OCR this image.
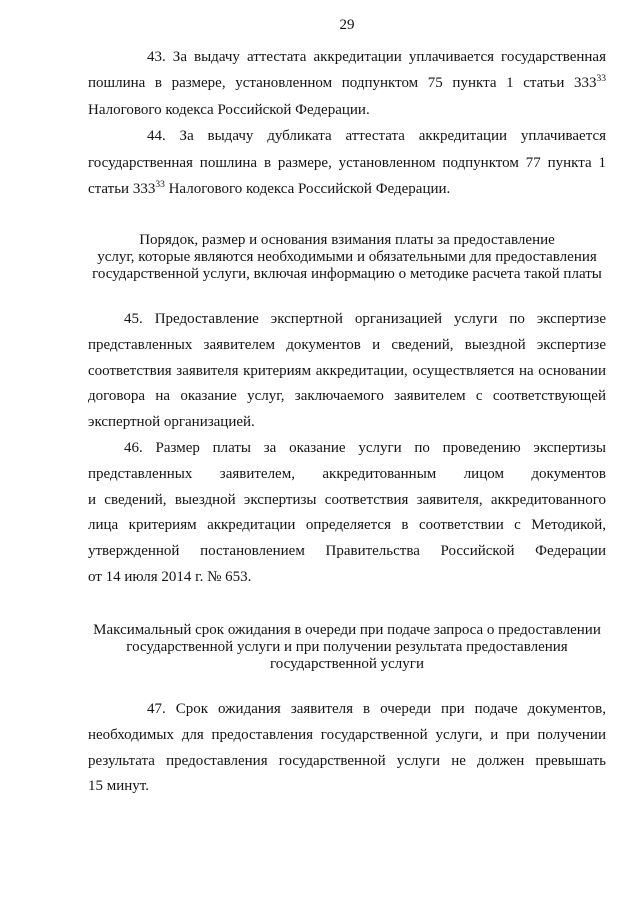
29
43. За выдачу аттестата аккредитации уплачивается государственная
пошлина в размере, установленном подпунктом 75 пункта 1 статьи $333^{33}$
Налогового кодекса Российской Федерации.
44. За выдачу дубликата аттестата аккредитации уплачивается
государственная пошлина в размере, установленном подпунктом 77 пункта 1
статьи $333^{33}$ Налогового кодекса Российской Федерации.
Порядок, размер и основания взимания платы за предоставление
услуг, которые являются необходимыми и обязательными для предоставления
государственной услуги, включая информацию о методике расчета такой платы
45. Предоставление экспертной организацией услуги по экспертизе
представленных заявителем документов и сведений, выездной экспертизе
соответствия заявителя критериям аккредитации, осуществляется на основании
договора на оказание услуг, заключаемого заявителем с соответствующей
экспертной организацией.
46. Размер платы за оказание услуги по проведению экспертизы
представленных заявителем, аккредитованным лицом документов
и сведений, выездной экспертизы соответствия заявителя, аккредитованного
лица критериям аккредитации определяется в соответствии с Методикой,
утвержденной постановлением Правительства Российской Федерации
от 14 июля 2014 г. № 653.
Максимальный срок ожидания в очереди при подаче запроса о предоставлении
государственной услуги и при получении результата предоставления
государственной услуги
47. Срок ожидания заявителя в очереди при подаче документов,
необходимых для предоставления государственной услуги, и при получении
результата предоставления государственной услуги не должен превышать
15 минут.
